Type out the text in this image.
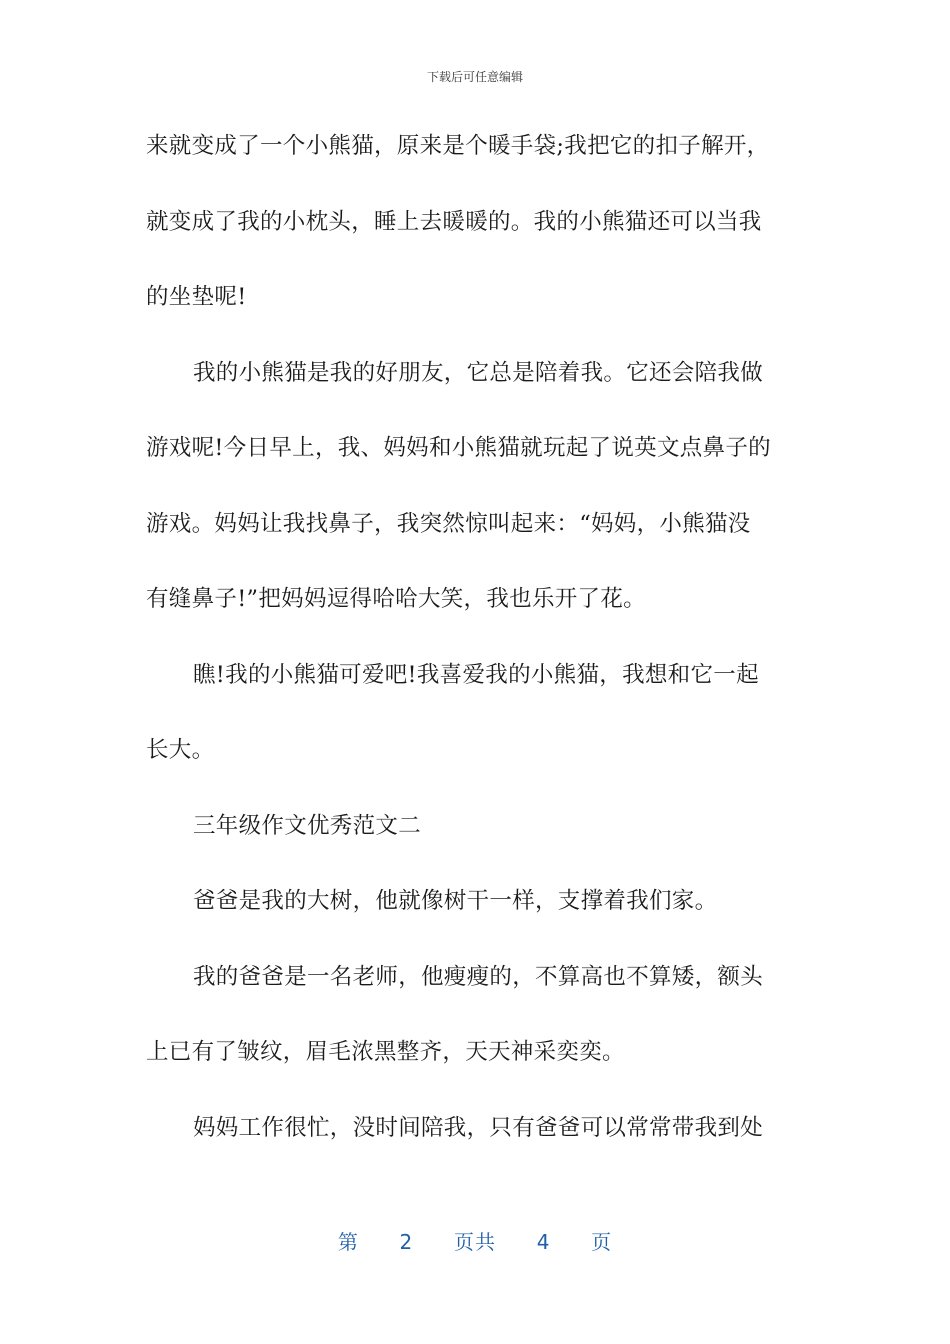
下载后可任意编辑
来就变成了一个小熊猫，原来是个暖手袋;我把它的扣子解开，
就变成了我的小枕头，睡上去暖暖的。我的小熊猫还可以当我
的坐垫呢!
我的小熊猫是我的好朋友，它总是陪着我。它还会陪我做
游戏呢!今日早上，我、妈妈和小熊猫就玩起了说英文点鼻子的
游戏。妈妈让我找鼻子，我突然惊叫起来：“妈妈，小熊猫没
有缝鼻子!”把妈妈逗得哈哈大笑，我也乐开了花。
瞧!我的小熊猫可爱吧!我喜爱我的小熊猫，我想和它一起
长大。
三年级作文优秀范文二
爸爸是我的大树，他就像树干一样，支撑着我们家。
我的爸爸是一名老师，他瘦瘦的，不算高也不算矮，额头
上已有了皱纹，眉毛浓黑整齐，天天神采奕奕。
妈妈工作很忙，没时间陪我，只有爸爸可以常常带我到处
第 2 页共 4 页
